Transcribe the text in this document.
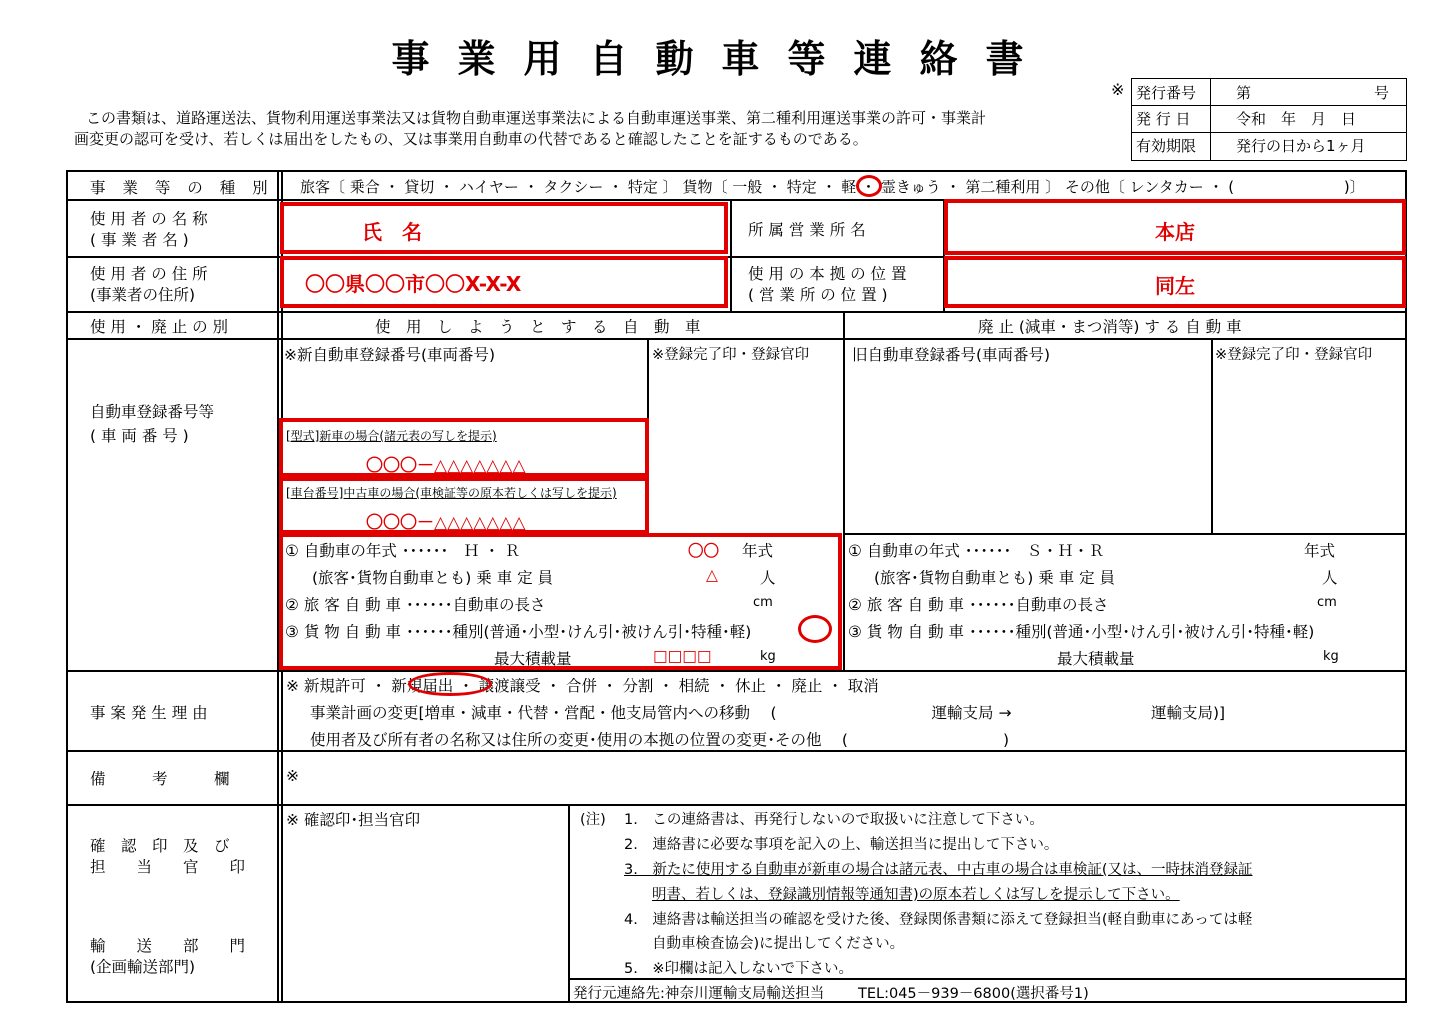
事業用自動車等連絡書
※ 発行番号	第	号
発 行 日	令和　年　月　日
有効期限	発行の日から1ヶ月
この書類は、道路運送法、貨物利用運送事業法又は貨物自動車運送事業法による自動車運送事業、第二種利用運送事業の許可・事業計
画変更の認可を受け、若しくは届出をしたもの、又は事業用自動車の代替であると確認したことを証するものである。
事 業 等 の 種 別 旅客〔 乗合 ・ 貸切 ・ ハイヤー ・ タクシー ・ 特定 〕 貨物〔 一般 ・ 特定 ・ 軽 ・ 霊きゅう ・ 第二種利用 〕 その他〔 レンタカー ・ (　　　　　　　 )〕
使 用 者 の 名 称
( 事 業 者 名 )	氏　名	所 属 営 業 所 名	本店
使 用 者 の 住 所
(事業者の住所)	〇〇県〇〇市〇〇X-X-X	使 用 の 本 拠 の 位 置
( 営 業 所 の 位 置 )	同左
使 用 ・ 廃 止 の 別	使　用　し　よ　う　と　す　る　自　動　車	廃 止 (減車・まつ消等) す る 自 動 車
自動車登録番号等
( 車 両 番 号 )
※新自動車登録番号(車両番号)	※登録完了印・登録官印	旧自動車登録番号(車両番号)	※登録完了印・登録官印
[型式]新車の場合(諸元表の写しを提示)
〇〇〇－△△△△△△△
[車台番号]中古車の場合(車検証等の原本若しくは写しを提示)
〇〇〇－△△△△△△△
① 自動車の年式 ･･････　Ｈ ・ Ｒ	〇〇 年式
(旅客･貨物自動車とも) 乗 車 定 員	△	人
② 旅 客 自 動 車 ･･････自動車の長さ	cm
③ 貨 物 自 動 車 ･･････種別(普通･小型･けん引･被けん引･特種･軽)
最大積載量	□□□□	kg
① 自動車の年式 ･･････　Ｓ・Ｈ・Ｒ	年式
(旅客･貨物自動車とも) 乗 車 定 員	人
② 旅 客 自 動 車 ･･････自動車の長さ	cm
③ 貨 物 自 動 車 ･･････種別(普通･小型･けん引･被けん引･特種･軽)
最大積載量	kg
事 案 発 生 理 由
※ 新規許可 ・ 新規届出 ・ 譲渡譲受 ・ 合併 ・ 分割 ・ 相続 ・ 休止 ・ 廃止 ・ 取消
事業計画の変更[増車・減車・代替・営配・他支局管内への移動　 (　　　　　　　　　　運輸支局 →　　　　　　　　　運輸支局)]
使用者及び所有者の名称又は住所の変更･使用の本拠の位置の変更･その他　 (　　　　　　　　　　)
備　　　考　　　欄	※
確　認　印　及　び
担　　当　　官　　印
輸　　送　　部　　門
(企画輸送部門)
※ 確認印･担当官印	(注) 1.　この連絡書は、再発行しないので取扱いに注意して下さい。
2.　連絡書に必要な事項を記入の上、輸送担当に提出して下さい。
3.　新たに使用する自動車が新車の場合は諸元表、中古車の場合は車検証(又は、一時抹消登録証
明書、若しくは、登録識別情報等通知書)の原本若しくは写しを提示して下さい。
4.　連絡書は輸送担当の確認を受けた後、登録関係書類に添えて登録担当(軽自動車にあっては軽
自動車検査協会)に提出してください。
5.　※印欄は記入しないで下さい。
発行元連絡先:神奈川運輸支局輸送担当　　 TEL:045－939－6800(選択番号1)
